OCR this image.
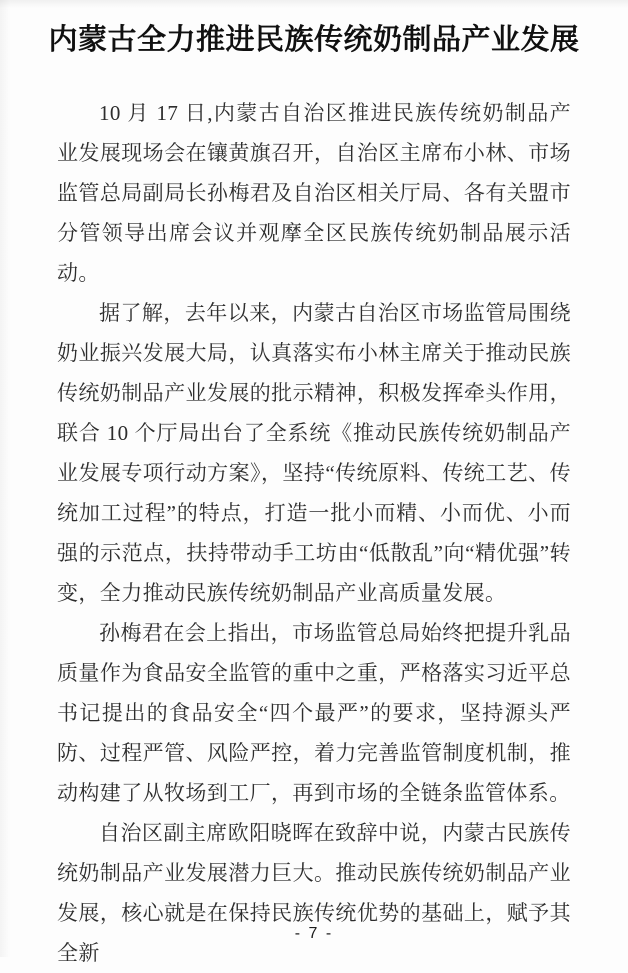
内蒙古全力推进民族传统奶制品产业发展

10 月 17 日,内蒙古自治区推进民族传统奶制品产业发展现场会在镶黄旗召开，自治区主席布小林、市场监管总局副局长孙梅君及自治区相关厅局、各有关盟市分管领导出席会议并观摩全区民族传统奶制品展示活动。

据了解，去年以来，内蒙古自治区市场监管局围绕奶业振兴发展大局，认真落实布小林主席关于推动民族传统奶制品产业发展的批示精神，积极发挥牵头作用，联合 10 个厅局出台了全系统《推动民族传统奶制品产业发展专项行动方案》，坚持“传统原料、传统工艺、传统加工过程”的特点，打造一批小而精、小而优、小而强的示范点，扶持带动手工坊由“低散乱”向“精优强”转变，全力推动民族传统奶制品产业高质量发展。

孙梅君在会上指出，市场监管总局始终把提升乳品质量作为食品安全监管的重中之重，严格落实习近平总书记提出的食品安全“四个最严”的要求，坚持源头严防、过程严管、风险严控，着力完善监管制度机制，推动构建了从牧场到工厂，再到市场的全链条监管体系。

自治区副主席欧阳晓晖在致辞中说，内蒙古民族传统奶制品产业发展潜力巨大。推动民族传统奶制品产业发展，核心就是在保持民族传统优势的基础上，赋予其全新

- 7 -
